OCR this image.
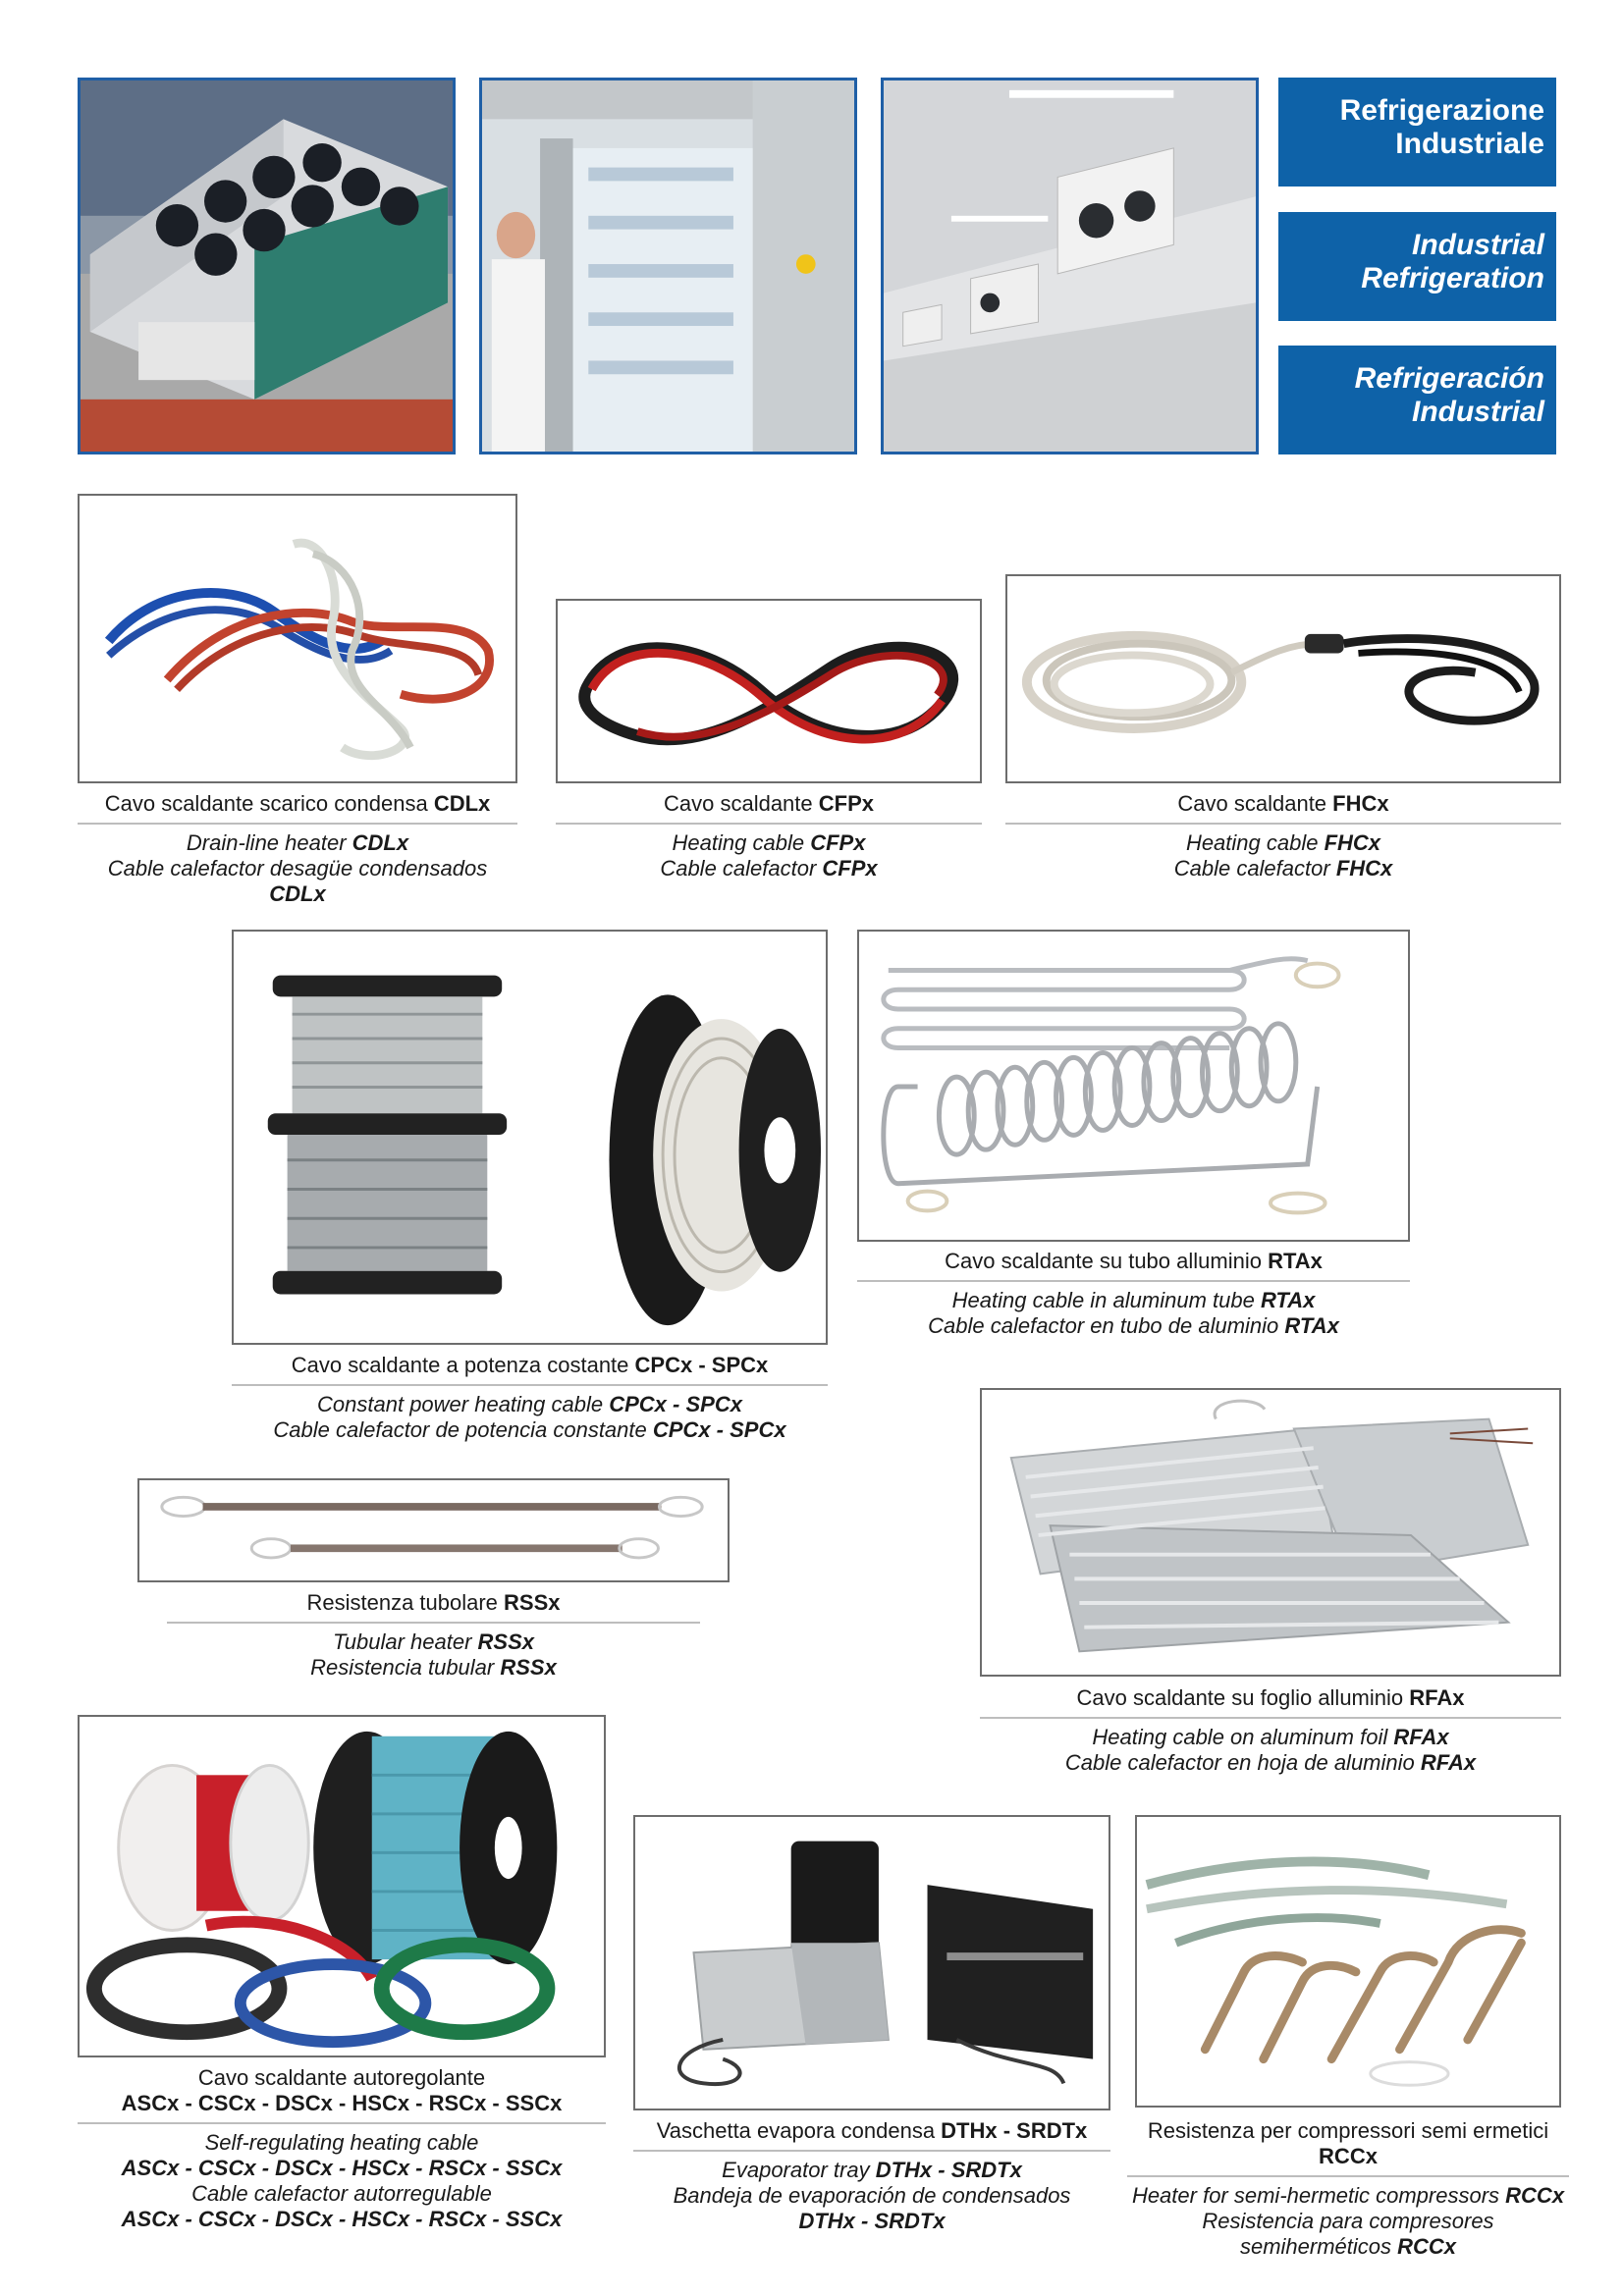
Refrigerazione
Industriale
Industrial
Refrigeration
Refrigeración
Industrial
Cavo scaldante scarico condensa CDLx
Drain-line heater CDLx
Cable calefactor desagüe condensados CDLx
Cavo scaldante CFPx
Heating cable CFPx
Cable calefactor CFPx
Cavo scaldante FHCx
Heating cable FHCx
Cable calefactor FHCx
Cavo scaldante a potenza costante CPCx - SPCx
Constant power heating cable CPCx - SPCx
Cable calefactor de potencia constante CPCx - SPCx
Cavo scaldante su tubo alluminio RTAx
Heating cable in aluminum tube RTAx
Cable calefactor en tubo de aluminio RTAx
Resistenza tubolare RSSx
Tubular heater RSSx
Resistencia tubular RSSx
Cavo scaldante su foglio alluminio RFAx
Heating cable on aluminum foil RFAx
Cable calefactor en hoja de aluminio RFAx
Cavo scaldante autoregolante
ASCx - CSCx - DSCx - HSCx - RSCx - SSCx
Self-regulating heating cable
ASCx - CSCx - DSCx - HSCx - RSCx - SSCx
Cable calefactor autorregulable
ASCx - CSCx - DSCx - HSCx - RSCx - SSCx
Vaschetta evapora condensa DTHx - SRDTx
Evaporator tray DTHx - SRDTx
Bandeja de evaporación de condensados
DTHx - SRDTx
Resistenza per compressori semi ermetici RCCx
Heater for semi-hermetic compressors RCCx
Resistencia para compresores
semiherméticos RCCx
